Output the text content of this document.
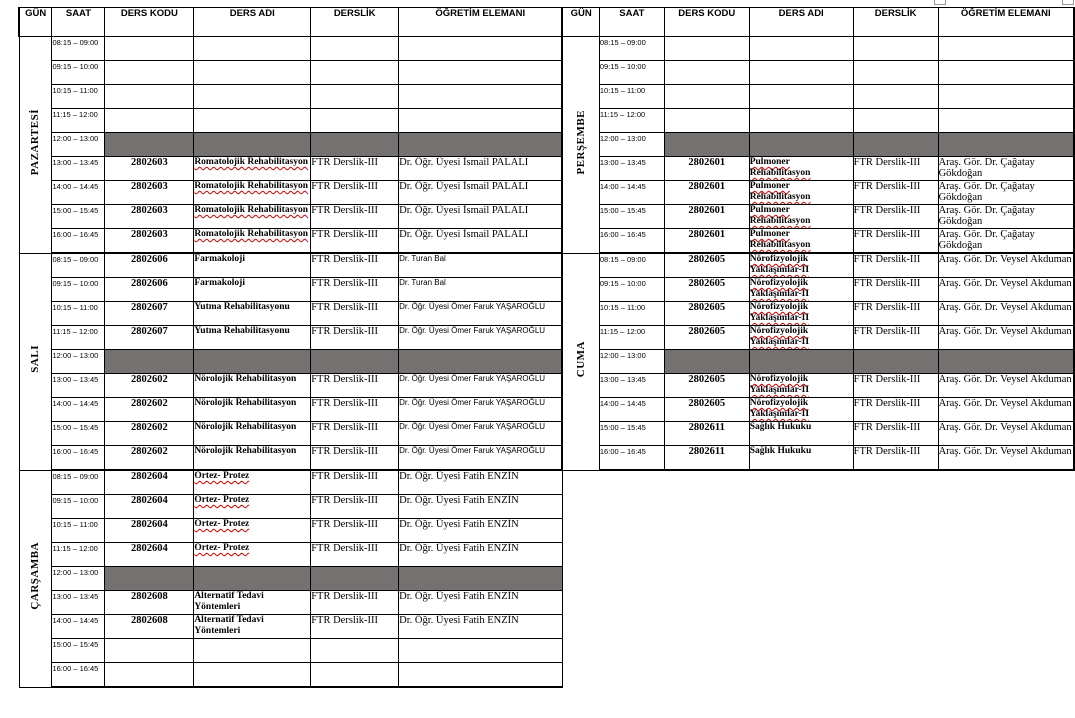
GÜN	SAAT	DERS KODU	DERS ADI	DERSLİK	ÖĞRETİM ELEMANI	GÜN	SAAT	DERS KODU	DERS ADI	DERSLİK	ÖĞRETİM ELEMANI
PAZARTESİ	08:15 – 09:00					PERŞEMBE	08:15 – 09:00				
	09:15 – 10:00						09:15 – 10:00				
	10:15 – 11:00						10:15 – 11:00				
	11:15 – 12:00						11:15 – 12:00				
	12:00 – 13:00						12:00 – 13:00				
	13:00 – 13:45	2802603	Romatolojik Rehabilitasyon	FTR Derslik-III	Dr. Öğr. Üyesi İsmail PALALI		13:00 – 13:45	2802601	Pulmoner Rehabilitasyon	FTR Derslik-III	Araş. Gör. Dr. Çağatay Gökdoğan
	14:00 – 14:45	2802603	Romatolojik Rehabilitasyon	FTR Derslik-III	Dr. Öğr. Üyesi İsmail PALALI		14:00 – 14:45	2802601	Pulmoner Rehabilitasyon	FTR Derslik-III	Araş. Gör. Dr. Çağatay Gökdoğan
	15:00 – 15:45	2802603	Romatolojik Rehabilitasyon	FTR Derslik-III	Dr. Öğr. Üyesi İsmail PALALI		15:00 – 15:45	2802601	Pulmoner Rehabilitasyon	FTR Derslik-III	Araş. Gör. Dr. Çağatay Gökdoğan
	16:00 – 16:45	2802603	Romatolojik Rehabilitasyon	FTR Derslik-III	Dr. Öğr. Üyesi İsmail PALALI		16:00 – 16:45	2802601	Pulmoner Rehabilitasyon	FTR Derslik-III	Araş. Gör. Dr. Çağatay Gökdoğan
SALI	08:15 – 09:00	2802606	Farmakoloji	FTR Derslik-III	Dr. Turan Bal	CUMA	08:15 – 09:00	2802605	Nörofizyolojik Yaklaşımlar-II	FTR Derslik-III	Araş. Gör. Dr. Veysel Akduman
	09:15 – 10:00	2802606	Farmakoloji	FTR Derslik-III	Dr. Turan Bal		09:15 – 10:00	2802605	Nörofizyolojik Yaklaşımlar-II	FTR Derslik-III	Araş. Gör. Dr. Veysel Akduman
	10:15 – 11:00	2802607	Yutma Rehabilitasyonu	FTR Derslik-III	Dr. Öğr. Üyesi Ömer Faruk YAŞAROĞLU		10:15 – 11:00	2802605	Nörofizyolojik Yaklaşımlar-II	FTR Derslik-III	Araş. Gör. Dr. Veysel Akduman
	11:15 – 12:00	2802607	Yutma Rehabilitasyonu	FTR Derslik-III	Dr. Öğr. Üyesi Ömer Faruk YAŞAROĞLU		11:15 – 12:00	2802605	Nörofizyolojik Yaklaşımlar-II	FTR Derslik-III	Araş. Gör. Dr. Veysel Akduman
	12:00 – 13:00						12:00 – 13:00				
	13:00 – 13:45	2802602	Nörolojik Rehabilitasyon	FTR Derslik-III	Dr. Öğr. Üyesi Ömer Faruk YAŞAROĞLU		13:00 – 13:45	2802605	Nörofizyolojik Yaklaşımlar-II	FTR Derslik-III	Araş. Gör. Dr. Veysel Akduman
	14:00 – 14:45	2802602	Nörolojik Rehabilitasyon	FTR Derslik-III	Dr. Öğr. Üyesi Ömer Faruk YAŞAROĞLU		14:00 – 14:45	2802605	Nörofizyolojik Yaklaşımlar-II	FTR Derslik-III	Araş. Gör. Dr. Veysel Akduman
	15:00 – 15:45	2802602	Nörolojik Rehabilitasyon	FTR Derslik-III	Dr. Öğr. Üyesi Ömer Faruk YAŞAROĞLU		15:00 – 15:45	2802611	Sağlık Hukuku	FTR Derslik-III	Araş. Gör. Dr. Veysel Akduman
	16:00 – 16:45	2802602	Nörolojik Rehabilitasyon	FTR Derslik-III	Dr. Öğr. Üyesi Ömer Faruk YAŞAROĞLU		16:00 – 16:45	2802611	Sağlık Hukuku	FTR Derslik-III	Araş. Gör. Dr. Veysel Akduman
ÇARŞAMBA	08:15 – 09:00	2802604	Ortez- Protez	FTR Derslik-III	Dr. Öğr. Üyesi Fatih ENZİN						
	09:15 – 10:00	2802604	Ortez- Protez	FTR Derslik-III	Dr. Öğr. Üyesi Fatih ENZİN						
	10:15 – 11:00	2802604	Ortez- Protez	FTR Derslik-III	Dr. Öğr. Üyesi Fatih ENZİN						
	11:15 – 12:00	2802604	Ortez- Protez	FTR Derslik-III	Dr. Öğr. Üyesi Fatih ENZİN						
	12:00 – 13:00										
	13:00 – 13:45	2802608	Alternatif Tedavi Yöntemleri	FTR Derslik-III	Dr. Öğr. Üyesi Fatih ENZİN						
	14:00 – 14:45	2802608	Alternatif Tedavi Yöntemleri	FTR Derslik-III	Dr. Öğr. Üyesi Fatih ENZİN						
	15:00 – 15:45										
	16:00 – 16:45										
